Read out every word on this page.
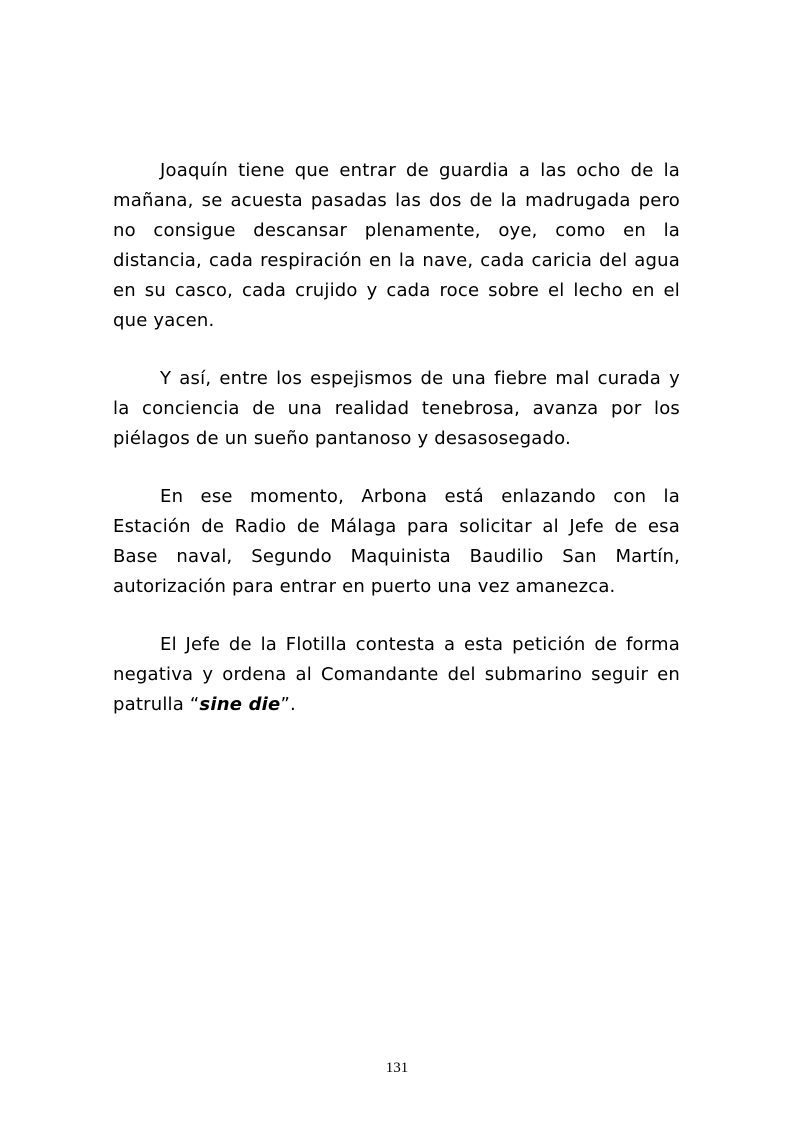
Joaquín tiene que entrar de guardia a las ocho de la mañana, se acuesta pasadas las dos de la madrugada pero no consigue descansar plenamente, oye, como en la distancia, cada respiración en la nave, cada caricia del agua en su casco, cada crujido y cada roce sobre el lecho en el que yacen.

Y así, entre los espejismos de una fiebre mal curada y la conciencia de una realidad tenebrosa, avanza por los piélagos de un sueño pantanoso y desasosegado.

En ese momento, Arbona está enlazando con la Estación de Radio de Málaga para solicitar al Jefe de esa Base naval, Segundo Maquinista Baudilio San Martín, autorización para entrar en puerto una vez amanezca.

El Jefe de la Flotilla contesta a esta petición de forma negativa y ordena al Comandante del submarino seguir en patrulla “sine die”.

131
